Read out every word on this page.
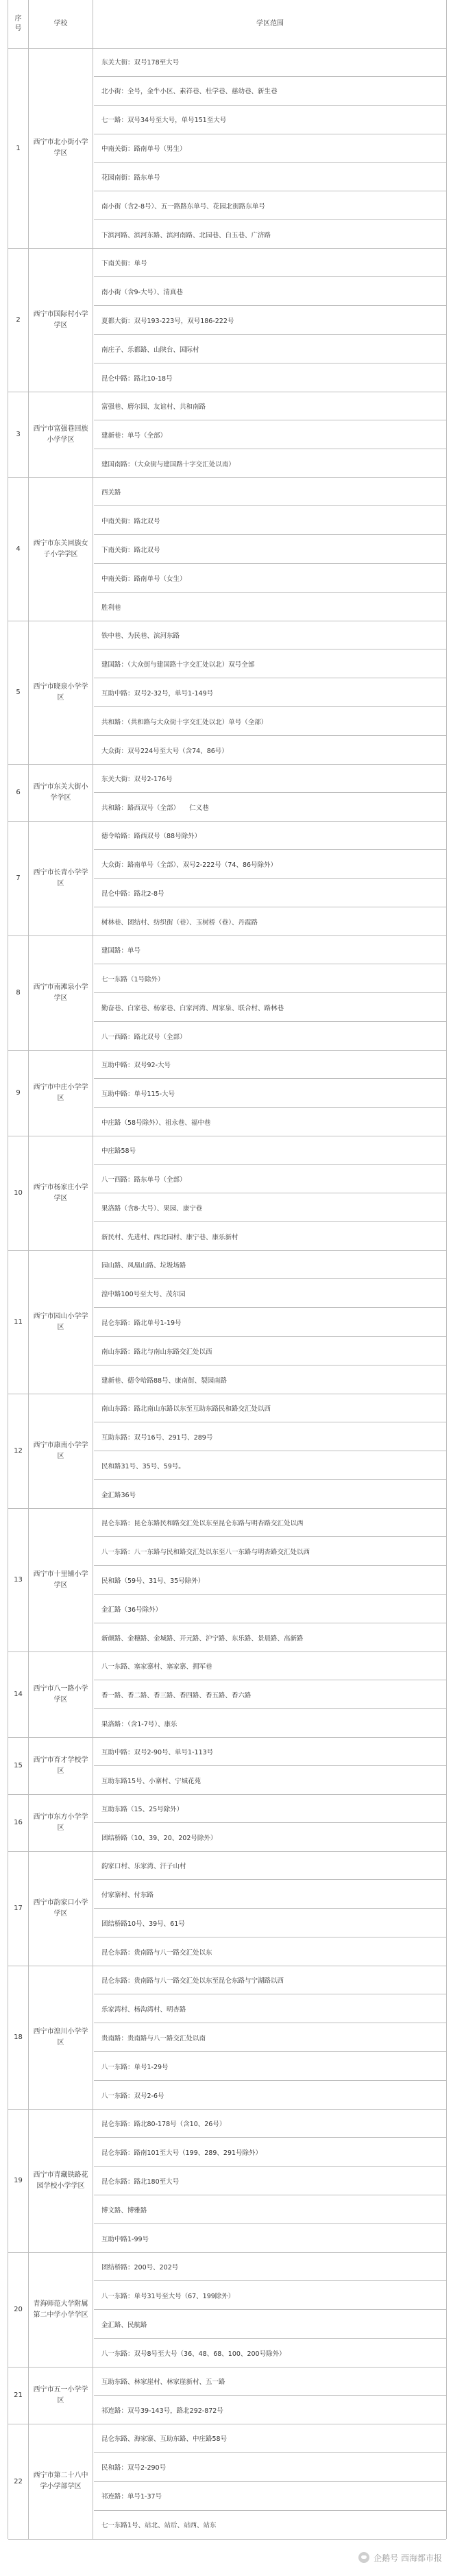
序
号
学校	学区范围
1
西宁市北小街小学学区
东关大街：双号178至大号
北小街：全号，金牛小区、素祥巷、杜学巷、慈幼巷、新生巷
七一路：双号34号至大号，单号151至大号
中南关街：路南单号（男生）
花园南街：路东单号
南小街（含2-8号）、五一路路东单号、花园北街路东单号
下滨河路、滨河东路、滨河南路、北园巷、白玉巷、广济路
2
西宁市国际村小学学区
下南关街：单号
南小街（含9-大号）、清真巷
夏都大街：双号193-223号，双号186-222号
南庄子、乐都路、山陕台、国际村
昆仑中路：路北10-18号
3
西宁市富强巷回族小学学区
富强巷、磨尔园、友谊村、共和南路
建新巷：单号（全部）
建国南路：（大众街与建国路十字交汇处以南）
4
西宁市东关回族女子小学学区
西关路
中南关街：路北双号
下南关街：路北双号
中南关街：路南单号（女生）
胜利巷
5
西宁市晓泉小学学区
铁中巷、为民巷、滨河东路
建国路：（大众街与建国路十字交汇处以北）双号全部
互助中路：双号2-32号，单号1-149号
共和路：（共和路与大众街十字交汇处以北）单号（全部）
大众街：双号224号至大号（含74、86号）
6
西宁市东关大街小学学区
东关大街：双号2-176号
共和路：路西双号（全部）　　仁义巷
7
西宁市长青小学学区
德令哈路：路西双号（88号除外）
大众街：路南单号（全部）、双号2-222号（74、86号除外）
昆仑中路：路北2-8号
树林巷、团结村、纺织街（巷）、玉树桥（巷）、丹霞路
8
西宁市南滩泉小学学区
建国路：单号
七一东路（1号除外）
勤奋巷、白家巷、杨家巷、白家河湾、周家泉、联合村、路林巷
八一西路：路北双号（全部）
9
西宁市中庄小学学区
互助中路：双号92-大号
互助中路：单号115-大号
中庄路（58号除外）、祖永巷、福中巷
10
西宁市杨家庄小学学区
中庄路58号
八一西路：路东单号（全部）
果洛路（含8-大号）、果园、康宁巷
新民村、先进村、西北园村、康宁巷、康乐新村
11
西宁市园山小学学区
园山路、凤凰山路、垃圾场路
湟中路100号至大号、茂尔园
昆仑东路：路北单号1-19号
南山东路：路北与南山东路交汇处以西
建新巷、德令哈路88号、康南街、裂园南路
12
西宁市康南小学学区
南山东路：路北南山东路以东至互助东路民和路交汇处以西
互助东路：双号16号、291号、289号
民和路31号、35号、59号。
金汇路36号
13
西宁市十里铺小学学区
昆仑东路：昆仑东路民和路交汇处以东至昆仑东路与明杏路交汇处以西
八一东路：八一东路与民和路交汇处以东至八一东路与明杏路交汇处以西
民和路（59号、31号、35号除外）
金汇路（36号除外）
新颜路、金穗路、金城路、开元路、沪宁路、东乐路、景晨路、高新路
14
西宁市八一路小学学区
八一东路、塞家寨村、塞家寨、拥军巷
香一路、香二路、香三路、香四路、香五路、香六路
果洛路：（含1-7号）、康乐
15
西宁市育才学校学区
互助中路：双号2-90号、单号1-113号
互助东路15号、小寨村、宁城花苑
16
西宁市东方小学学区
互助东路（15、25号除外）
团结桥路（10、39、20、202号除外）
17
西宁市韵家口小学学区
韵家口村、乐家湾、汗子山村
付家寨村、付东路
团结桥路10号、39号、61号
昆仑东路：贵南路与八一路交汇处以东
18
西宁市湟川小学学区
昆仑东路：贵南路与八一路交汇处以东至昆仑东路与宁湖路以西
乐家湾村、杨沟湾村、明杏路
贵南路：贵南路与八一路交汇处以南
八一东路：单号1-29号
八一东路：双号2-6号
19
西宁市青藏铁路花园学校小学学区
昆仑东路：路北80-178号（含10、26号）
昆仑东路：路南101至大号（199、289、291号除外）
昆仑东路：路北180至大号
博文路、博雅路
互助中路1-99号
20
青海师范大学附属第二中学小学学区
团结桥路：200号、202号
八一东路：单号31号至大号（67、199除外）
金汇路、民航路
八一东路：双号8号至大号（36、48、68、100、200号除外）
21
西宁市五一小学学区
互助东路、林家崖村、林家崖新村、五一路
祁连路：双号39-143号，路北292-872号
22
西宁市第二十八中学小学部学区
昆仑东路、海家寨、互助东路、中庄路58号
民和路：双号2-290号
祁连路：单号1-37号
七一东路1号、站北、站后、站西、站东
企鹅号 西海都市报
